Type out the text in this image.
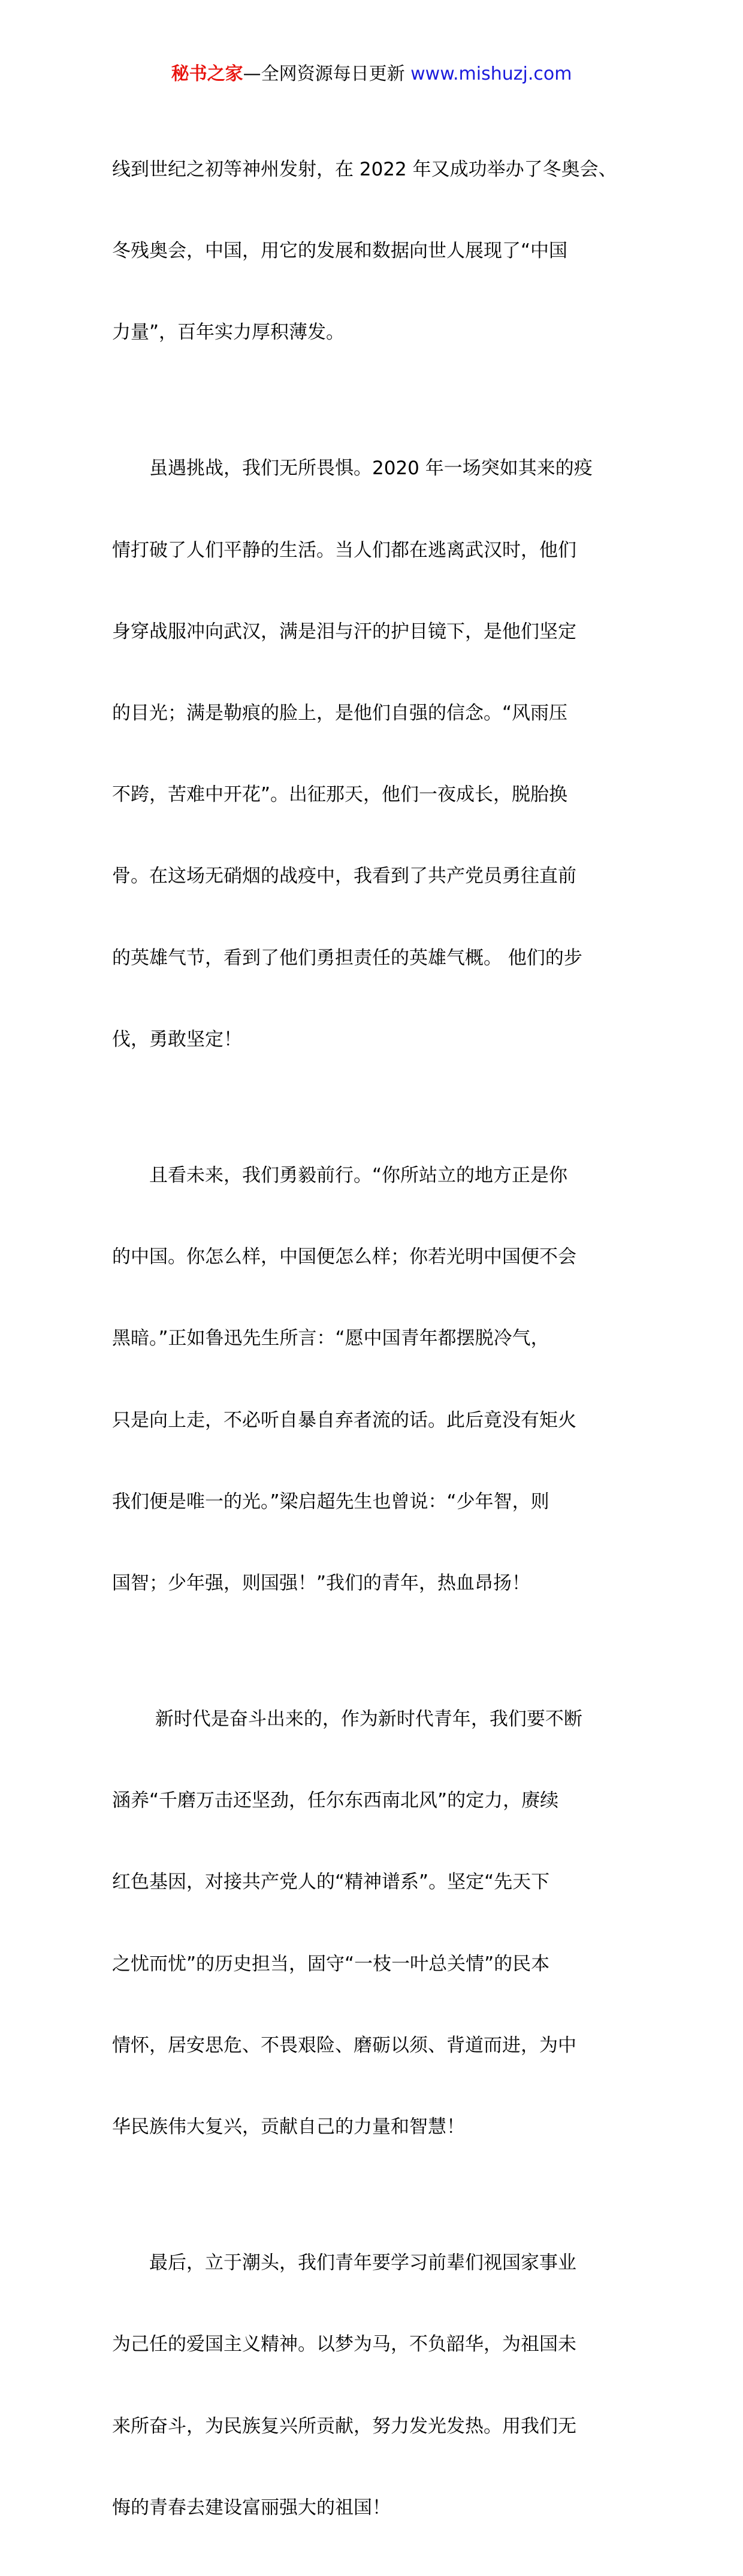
秘书之家—全网资源每日更新 www.mishuzj.com

线到世纪之初等神州发射，在 2022 年又成功举办了冬奥会、

冬残奥会，中国，用它的发展和数据向世人展现了“中国

力量”，百年实力厚积薄发。

　　虽遇挑战，我们无所畏惧。2020 年一场突如其来的疫

情打破了人们平静的生活。当人们都在逃离武汉时，他们

身穿战服冲向武汉，满是泪与汗的护目镜下，是他们坚定

的目光；满是勒痕的脸上，是他们自强的信念。“风雨压

不跨，苦难中开花”。出征那天，他们一夜成长，脱胎换

骨。在这场无硝烟的战疫中，我看到了共产党员勇往直前

的英雄气节，看到了他们勇担责任的英雄气概。 他们的步

伐，勇敢坚定！

　　且看未来，我们勇毅前行。“你所站立的地方正是你

的中国。你怎么样，中国便怎么样；你若光明中国便不会

黑暗。”正如鲁迅先生所言：“愿中国青年都摆脱冷气，

只是向上走，不必听自暴自弃者流的话。此后竟没有矩火

我们便是唯一的光。”梁启超先生也曾说：“少年智，则

国智；少年强，则国强！”我们的青年，热血昂扬！

　　 新时代是奋斗出来的，作为新时代青年，我们要不断

涵养“千磨万击还坚劲，任尔东西南北风”的定力，赓续

红色基因，对接共产党人的“精神谱系”。坚定“先天下

之忧而忧”的历史担当，固守“一枝一叶总关情”的民本

情怀，居安思危、不畏艰险、磨砺以须、背道而进，为中

华民族伟大复兴，贡献自己的力量和智慧！

　　最后，立于潮头，我们青年要学习前辈们视国家事业

为己任的爱国主义精神。以梦为马，不负韶华，为祖国未

来所奋斗，为民族复兴所贡献，努力发光发热。用我们无

悔的青春去建设富丽强大的祖国！
